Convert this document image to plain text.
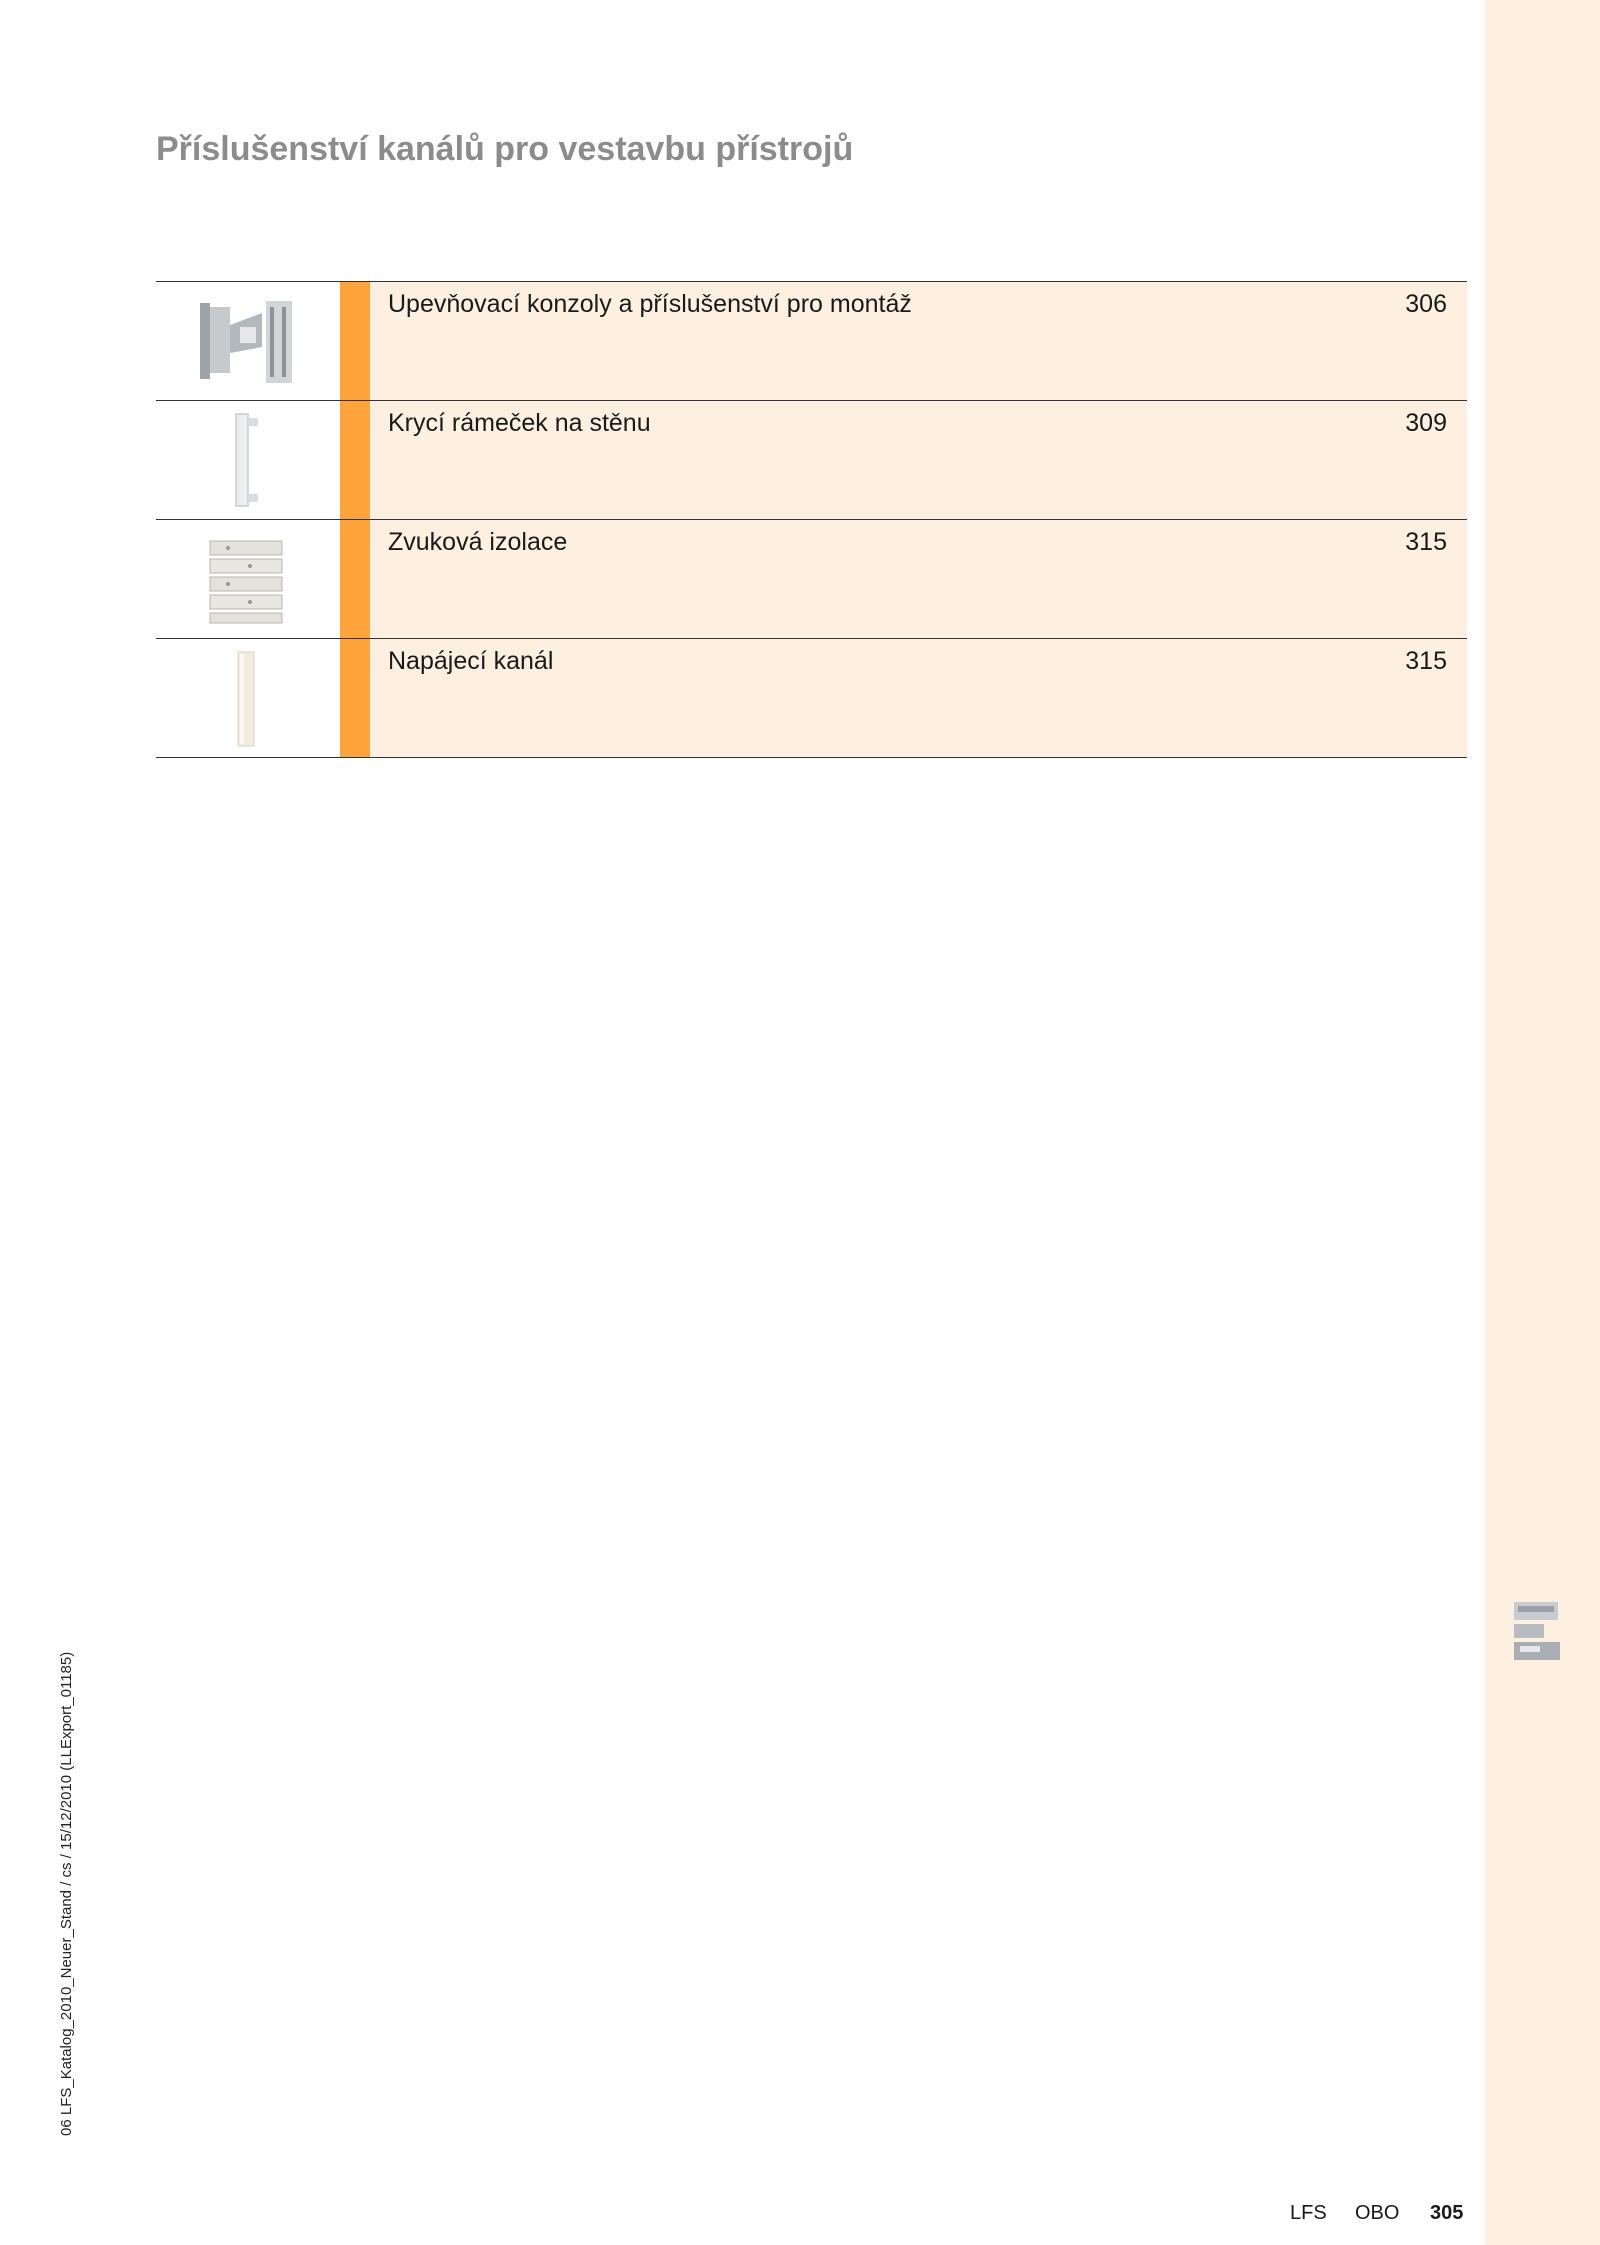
Příslušenství kanálů pro vestavbu přístrojů
Upevňovací konzoly a příslušenství pro montáž	306
Krycí rámeček na stěnu	309
Zvuková izolace	315
Napájecí kanál	315
06 LFS_Katalog_2010_Neuer_Stand / cs / 15/12/2010 (LLExport_01185)
LFS OBO 305
